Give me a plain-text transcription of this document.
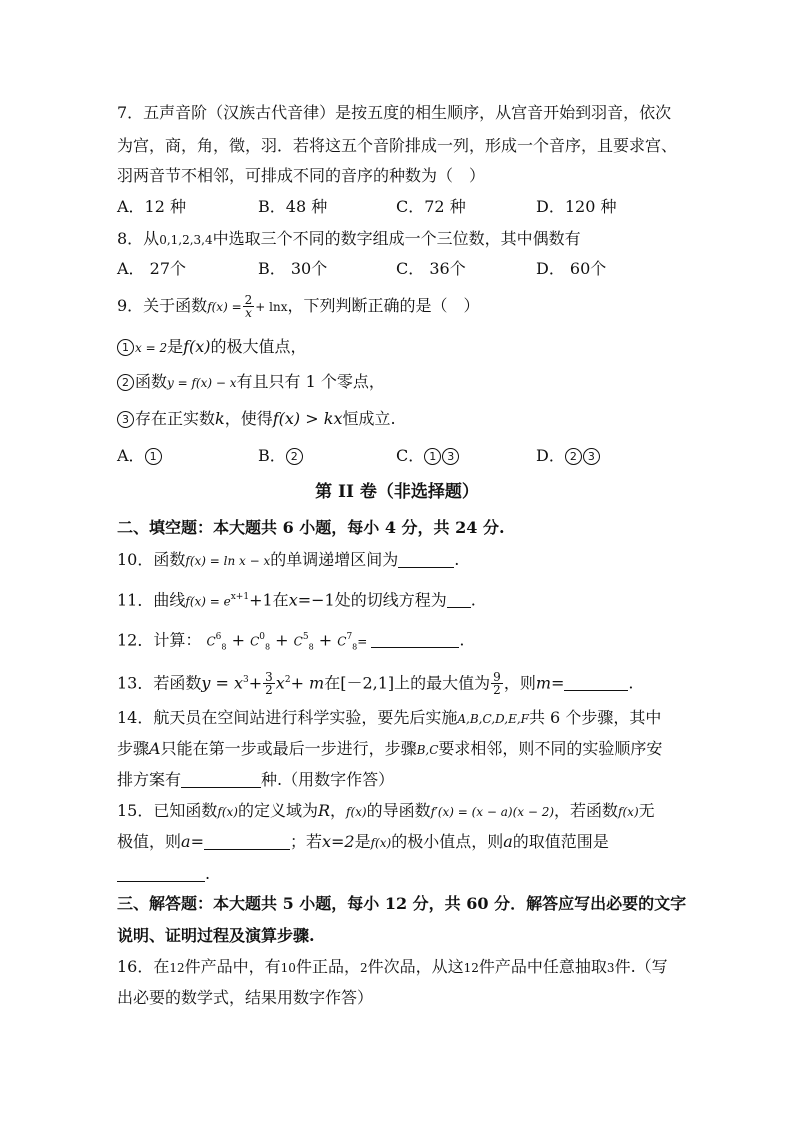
7．五声音阶（汉族古代音律）是按五度的相生顺序，从宫音开始到羽音，依次
为宫，商，角，徵，羽．若将这五个音阶排成一列，形成一个音序，且要求宫、
羽两音节不相邻，可排成不同的音序的种数为（　）
A．12 种	B．48 种	C．72 种	D．120 种
8．从0,1,2,3,4中选取三个不同的数字组成一个三位数，其中偶数有
A． 27个	B． 30个	C． 36个	D． 60个
9．关于函数$f(x) = \frac{2}{x} + \ln x$，下列判断正确的是（　）
1 x = 2是f(x)的极大值点，
2 函数y = f(x) − x有且只有 1 个零点，
3 存在正实数k，使得f(x) > kx恒成立.
A． 1	B． 2	C． 1 3	D． 2 3
第 II 卷（非选择题）
二、填空题：本大题共 6 小题，每小 4 分，共 24 分.
10．函数f(x) = ln x − x的单调递增区间为	.
11．曲线$f(x) = e^{x+1}+1$在x=−1处的切线方程为 .
12．计算： $C^6_8 + C^0_8 + C^5_8 + C^7_8=$	.
13．若函数$y = x^3+ \frac{3}{2} x^2+ m$在[－2,1]上的最大值为 $\frac{9}{2}$ ，则m=	.
14．航天员在空间站进行科学实验，要先后实施A,B,C,D,E,F共 6 个步骤，其中
步骤A只能在第一步或最后一步进行，步骤B,C要求相邻，则不同的实验顺序安
排方案有	种.（用数字作答）
15．已知函数f(x)的定义域为R，f(x)的导函数f′(x) = (x − a)(x − 2)，若函数f(x)无
极值，则a=	；若x=2是f(x)的极小值点，则a的取值范围是
.
三、解答题：本大题共 5 小题，每小 12 分，共 60 分．解答应写出必要的文字
说明、证明过程及演算步骤.
16．在12件产品中，有10件正品，2件次品，从这12件产品中任意抽取3件.（写
出必要的数学式，结果用数字作答）
